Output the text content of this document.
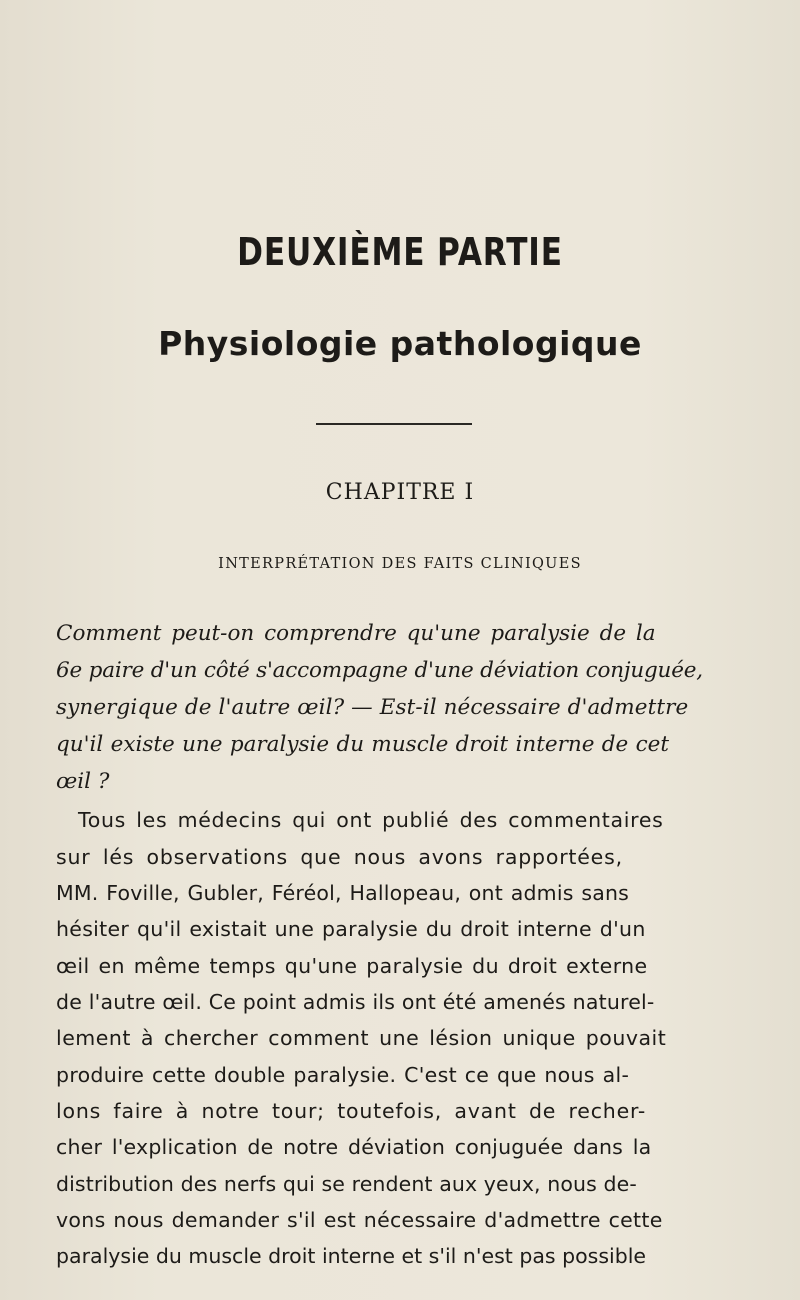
DEUXIÈME PARTIE
Physiologie pathologique
CHAPITRE I
INTERPRÉTATION DES FAITS CLINIQUES
Comment peut-on comprendre qu'une paralysie de la
6e paire d'un côté s'accompagne d'une déviation conjuguée,
synergique de l'autre œil? — Est-il nécessaire d'admettre
qu'il existe une paralysie du muscle droit interne de cet
œil ?
Tous les médecins qui ont publié des commentaires
sur lés observations que nous avons rapportées,
MM. Foville, Gubler, Féréol, Hallopeau, ont admis sans
hésiter qu'il existait une paralysie du droit interne d'un
œil en même temps qu'une paralysie du droit externe
de l'autre œil. Ce point admis ils ont été amenés naturel-
lement à chercher comment une lésion unique pouvait
produire cette double paralysie. C'est ce que nous al-
lons faire à notre tour; toutefois, avant de recher-
cher l'explication de notre déviation conjuguée dans la
distribution des nerfs qui se rendent aux yeux, nous de-
vons nous demander s'il est nécessaire d'admettre cette
paralysie du muscle droit interne et s'il n'est pas possible
